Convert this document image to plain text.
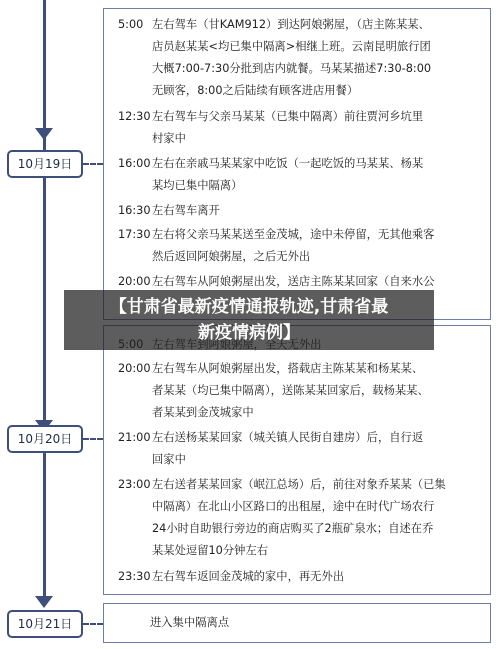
10月19日
5:00 左右驾车（甘KAM912）到达阿娘粥屋，（店主陈某某、
店员赵某某<均已集中隔离>相继上班。云南昆明旅行团
大概7:00-7:30分批到店内就餐。马某某描述7:30-8:00
无顾客，8:00之后陆续有顾客进店用餐）
12:30 左右驾车与父亲马某某（已集中隔离）前往贾河乡坑里
村家中
16:00 左右在亲戚马某某家中吃饭（一起吃饭的马某某、杨某
某均已集中隔离）
16:30 左右驾车离开
17:30 左右将父亲马某某送至金茂城，途中未停留，无其他乘客
然后返回阿娘粥屋，之后无外出
20:00 左右驾车从阿娘粥屋出发，送店主陈某某回家（自来水公
10月20日
20:00 左右驾车从阿娘粥屋出发，搭载店主陈某某和杨某某、
者某某（均已集中隔离），送陈某某回家后，载杨某某、
者某某到金茂城家中
21:00 左右送杨某某回家（城关镇人民街自建房）后，自行返
回家中
23:00 左右送者某某回家（岷江总场）后，前往对象乔某某（已集
中隔离）在北山小区路口的出租屋，途中在时代广场农行
24小时自助银行旁边的商店购买了2瓶矿泉水；自述在乔
某某处逗留10分钟左右
23:30 左右驾车返回金茂城的家中，再无外出
10月21日	进入集中隔离点
【甘肃省最新疫情通报轨迹,甘肃省最
新疫情病例】
